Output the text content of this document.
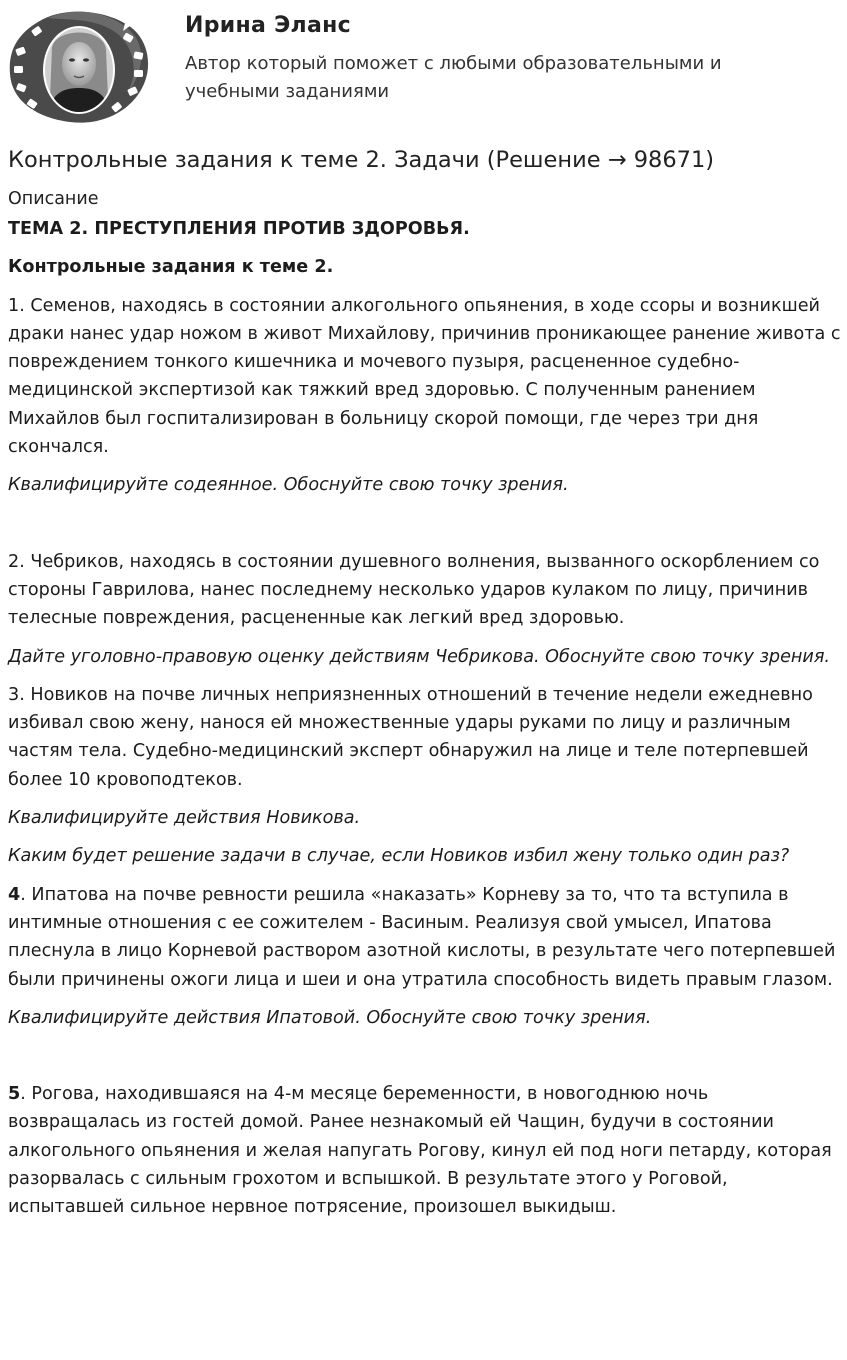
Ирина Эланс
Автор который поможет с любыми образовательными и учебными заданиями
Контрольные задания к теме 2. Задачи (Решение → 98671)
Описание

ТЕМА 2. ПРЕСТУПЛЕНИЯ ПРОТИВ ЗДОРОВЬЯ.

Контрольные задания к теме 2.

1. Семенов, находясь в состоянии алкогольного опьянения, в ходе ссоры и возникшей драки нанес удар ножом в живот Михайлову, причинив проникающее ранение живота с повреждением тонкого кишечника и мочевого пузыря, расцененное судебно-медицинской экспертизой как тяжкий вред здоровью. С полученным ранением Михайлов был госпитализирован в больницу скорой помощи, где через три дня скончался.

Квалифицируйте содеянное. Обоснуйте свою точку зрения.

2. Чебриков, находясь в состоянии душевного волнения, вызванного оскорблением со стороны Гаврилова, нанес последнему несколько ударов кулаком по лицу, причинив телесные повреждения, расцененные как легкий вред здоровью.

Дайте уголовно-правовую оценку действиям Чебрикова. Обоснуйте свою точку зрения.

3. Новиков на почве личных неприязненных отношений в течение недели ежедневно избивал свою жену, нанося ей множественные удары руками по лицу и различным частям тела. Судебно-медицинский эксперт обнаружил на лице и теле потерпевшей более 10 кровоподтеков.

Квалифицируйте действия Новикова.

Каким будет решение задачи в случае, если Новиков избил жену только один раз?

4. Ипатова на почве ревности решила «наказать» Корневу за то, что та вступила в интимные отношения с ее сожителем - Васиным. Реализуя свой умысел, Ипатова плеснула в лицо Корневой раствором азотной кислоты, в результате чего потерпевшей были причинены ожоги лица и шеи и она утратила способность видеть правым глазом.

Квалифицируйте действия Ипатовой. Обоснуйте свою точку зрения.

5. Рогова, находившаяся на 4-м месяце беременности, в новогоднюю ночь возвращалась из гостей домой. Ранее незнакомый ей Чащин, будучи в состоянии алкогольного опьянения и желая напугать Рогову, кинул ей под ноги петарду, которая разорвалась с сильным грохотом и вспышкой. В результате этого у Роговой, испытавшей сильное нервное потрясение, произошел выкидыш.
